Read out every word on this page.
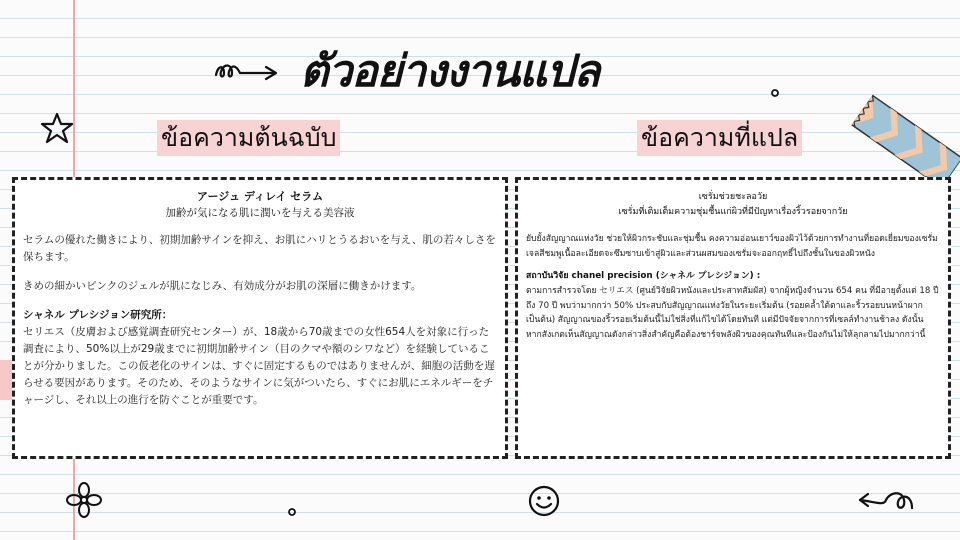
ตัวอย่างงานแปล
ข้อความต้นฉบับ	ข้อความที่แปล
アージュ ディレイ セラム
加齢が気になる肌に潤いを与える美容液
セラムの優れた働きにより、初期加齢サインを抑え、お肌にハリとうるおいを与え、肌の若々しさを保ちます。
きめの細かいピンクのジェルが肌になじみ、有効成分がお肌の深層に働きかけます。
シャネル プレシジョン研究所：
セリエス（皮膚および感覚調査研究センター）が、18歳から70歳までの女性654人を対象に行った調査により、50%以上が29歳までに初期加齢サイン（目のクマや額のシワなど）を経験していることが分かりました。この仮老化のサインは、すぐに固定するものではありませんが、細胞の活動を遅らせる要因があります。そのため、そのようなサインに気がついたら、すぐにお肌にエネルギーをチャージし、それ以上の進行を防ぐことが重要です。
เซรั่มช่วยชะลอวัย
เซรั่มที่เติมเต็มความชุ่มชื้นแก่ผิวที่มีปัญหาเรื่องริ้วรอยจากวัย
ยับยั้งสัญญาณแห่งวัย ช่วยให้ผิวกระชับและชุ่มชื้น คงความอ่อนเยาว์ของผิวไว้ด้วยการทำงานที่ยอดเยี่ยมของเซรั่ม เจลสีชมพูเนื้อละเอียดจะซึมซาบเข้าสู่ผิวและส่วนผสมของเซรั่มจะออกฤทธิ์ไปถึงชั้นในของผิวหนัง
สถาบันวิจัย chanel precision (シャネル プレシジョン) :
ตามการสำรวจโดย セリエス (ศูนย์วิจัยผิวหนังและประสาทสัมผัส) จากผู้หญิงจำนวน 654 คน ที่มีอายุตั้งแต่ 18 ปี ถึง 70 ปี พบว่ามากกว่า 50% ประสบกับสัญญาณแห่งวัยในระยะเริ่มต้น (รอยคล้ำใต้ตาและริ้วรอยบนหน้าผาก เป็นต้น) สัญญาณของริ้วรอยเริ่มต้นนี้ไม่ใช่สิ่งที่แก้ไขได้โดยทันที แต่มีปัจจัยจากการที่เซลล์ทำงานช้าลง ดังนั้น หากสังเกตเห็นสัญญาณดังกล่าวสิ่งสำคัญคือต้องชาร์จพลังผิวของคุณทันทีและป้องกันไม่ให้ลุกลามไปมากกว่านี้
